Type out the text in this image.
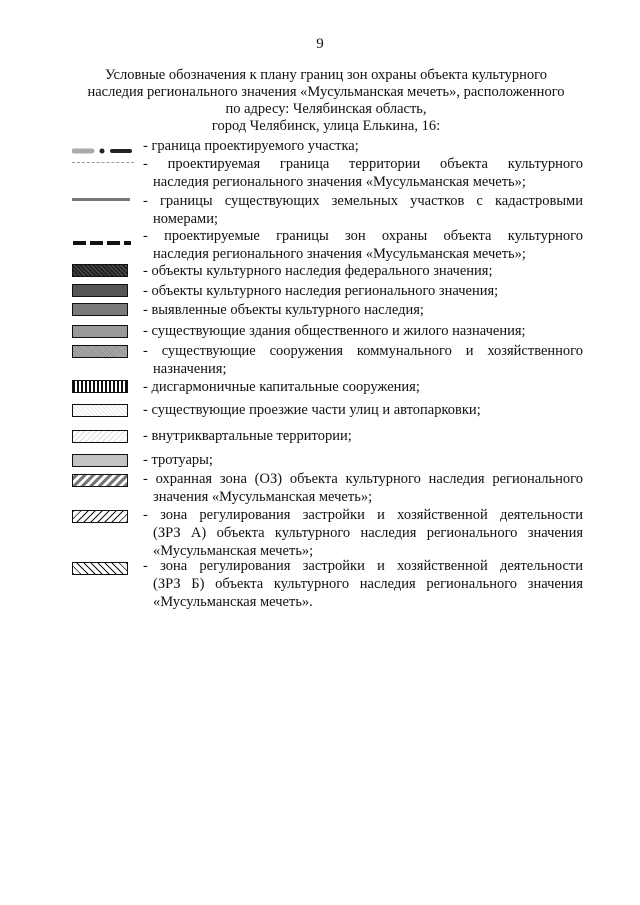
9
Условные обозначения к плану границ зон охраны объекта культурного
наследия регионального значения «Мусульманская мечеть», расположенного
по адресу: Челябинская область,
город Челябинск, улица Елькина, 16:
- граница проектируемого участка;
- проектируемая граница территории объекта культурного
наследия регионального значения «Мусульманская мечеть»;
- границы существующих земельных участков с кадастровыми
номерами;
- проектируемые границы зон охраны объекта культурного
наследия регионального значения «Мусульманская мечеть»;
- объекты культурного наследия федерального значения;
- объекты культурного наследия регионального значения;
- выявленные объекты культурного наследия;
- существующие здания общественного и жилого назначения;
- существующие сооружения коммунального и хозяйственного
назначения;
- дисгармоничные капитальные сооружения;
- существующие проезжие части улиц и автопарковки;
- внутриквартальные территории;
- тротуары;
- охранная зона (ОЗ) объекта культурного наследия регионального
значения «Мусульманская мечеть»;
- зона регулирования застройки и хозяйственной деятельности
(ЗРЗ А) объекта культурного наследия регионального значения
«Мусульманская мечеть»;
- зона регулирования застройки и хозяйственной деятельности
(ЗРЗ Б) объекта культурного наследия регионального значения
«Мусульманская мечеть».
